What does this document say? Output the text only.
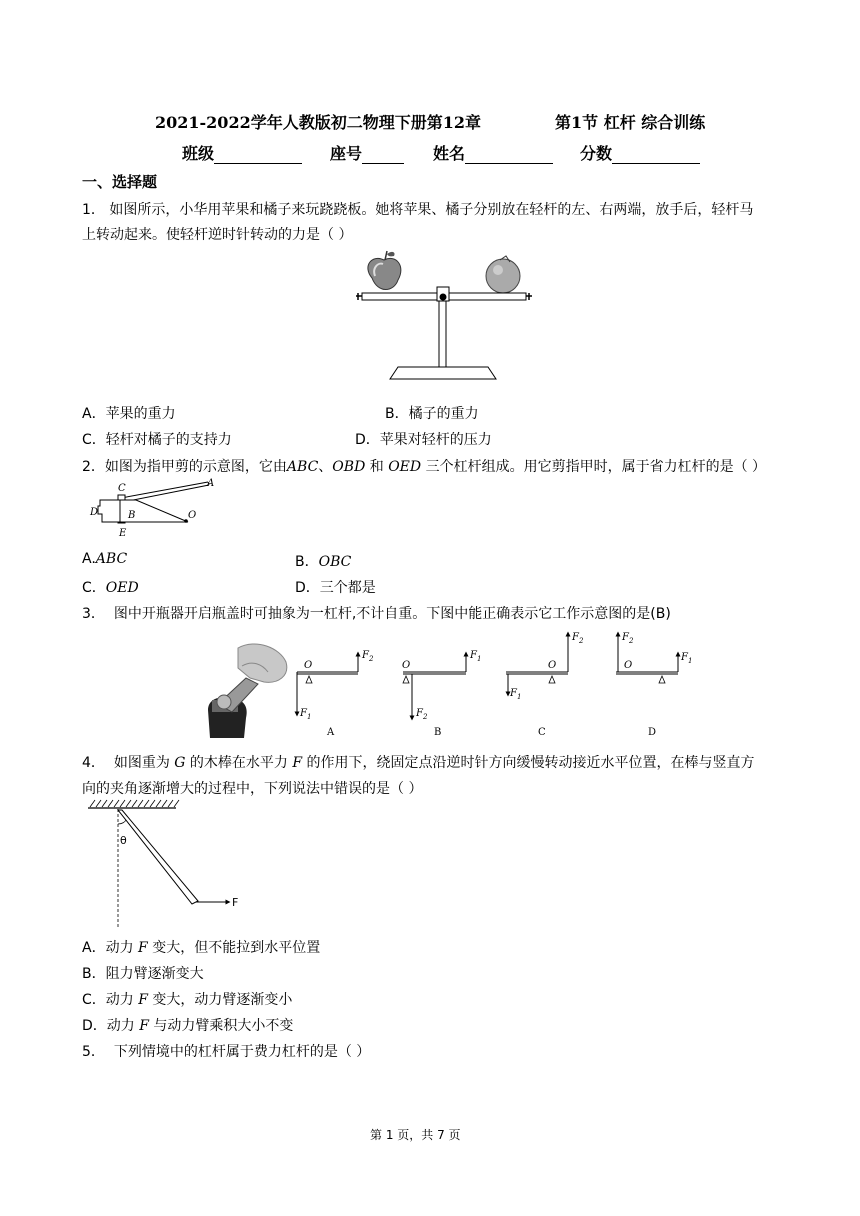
2021-2022学年人教版初二物理下册第12章	第1节 杠杆 综合训练
班级	座号	姓名	分数
一、选择题
1． 如图所示，小华用苹果和橘子来玩跷跷板。她将苹果、橘子分别放在轻杆的左、右两端，放手后，轻杆马
上转动起来。使轻杆逆时针转动的力是（ ）
A．苹果的重力	B．橘子的重力
C．轻杆对橘子的支持力	D．苹果对轻杆的压力
2．如图为指甲剪的示意图，它由ABC、OBD 和 OED 三个杠杆组成。用它剪指甲时，属于省力杠杆的是（ ）
C	A
D	B	O
E
A.ABC	B．OBC
C．OED	D．三个都是
3． 图中开瓶器开启瓶盖时可抽象为一杠杆,不计自重。下图中能正确表示它工作示意图的是(B)
O
$F_2$
$F_1$
A
O
$F_1$
$F_2$
B
O
$F_2$
$F_1$
C
O
$F_2$
$F_1$
D
4． 如图重为 G 的木棒在水平力 F 的作用下，绕固定点沿逆时针方向缓慢转动接近水平位置，在棒与竖直方
向的夹角逐渐增大的过程中，下列说法中错误的是（ ）
θ
F
A．动力 F 变大，但不能拉到水平位置
B．阻力臂逐渐变大
C．动力 F 变大，动力臂逐渐变小
D．动力 F 与动力臂乘积大小不变
5． 下列情境中的杠杆属于费力杠杆的是（ ）
第 1 页，共 7 页
